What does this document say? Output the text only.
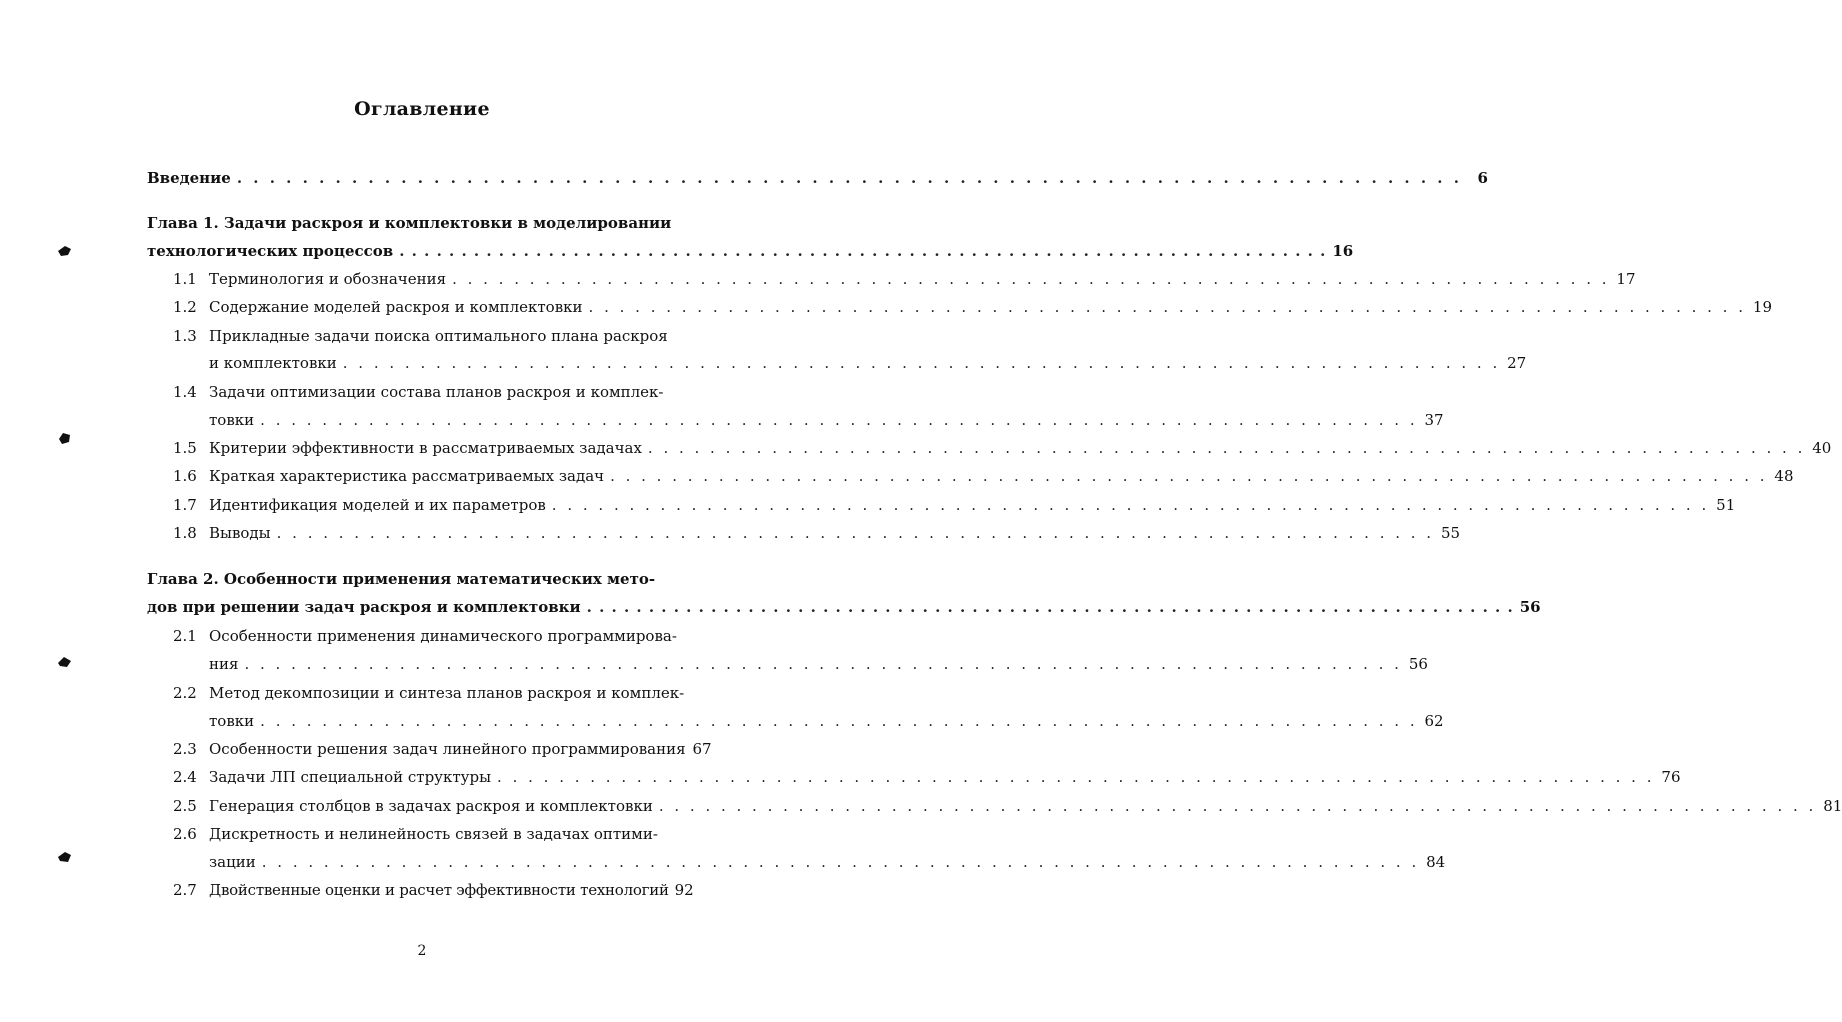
Оглавление
Введение . . . . . . . . . . . . . . . . . . . . . . . . . . . . . . . . . . . . . . . . . . . . . . . . . . . . . . . . . . . . . . . . . . . . . . . . . . .	6
Глава 1. Задачи раскроя и комплектовки в моделировании
технологических процессов . . . . . . . . . . . . . . . . . . . . . . . . . . . . . . . . . . . . . . . . . . . . . . . . . . . . . . . . . . . . . . . . . . . . . . . . . . . 16
1.1 Терминология и обозначения . . . . . . . . . . . . . . . . . . . . . . . . . . . . . . . . . . . . . . . . . . . . . . . . . . . . . . . . . . . . . . . . . . . . . . . . . . . 17
1.2 Содержание моделей раскроя и комплектовки . . . . . . . . . . . . . . . . . . . . . . . . . . . . . . . . . . . . . . . . . . . . . . . . . . . . . . . . . . . . . . . . . . . . . . . . . . . 19
1.3 Прикладные задачи поиска оптимального плана раскроя
и комплектовки . . . . . . . . . . . . . . . . . . . . . . . . . . . . . . . . . . . . . . . . . . . . . . . . . . . . . . . . . . . . . . . . . . . . . . . . . . . 27
1.4 Задачи оптимизации состава планов раскроя и комплек-
товки . . . . . . . . . . . . . . . . . . . . . . . . . . . . . . . . . . . . . . . . . . . . . . . . . . . . . . . . . . . . . . . . . . . . . . . . . . . 37
1.5 Критерии эффективности в рассматриваемых задачах . . . . . . . . . . . . . . . . . . . . . . . . . . . . . . . . . . . . . . . . . . . . . . . . . . . . . . . . . . . . . . . . . . . . . . . . . . . 40
1.6 Краткая характеристика рассматриваемых задач . . . . . . . . . . . . . . . . . . . . . . . . . . . . . . . . . . . . . . . . . . . . . . . . . . . . . . . . . . . . . . . . . . . . . . . . . . . 48
1.7 Идентификация моделей и их параметров . . . . . . . . . . . . . . . . . . . . . . . . . . . . . . . . . . . . . . . . . . . . . . . . . . . . . . . . . . . . . . . . . . . . . . . . . . . 51
1.8 Выводы . . . . . . . . . . . . . . . . . . . . . . . . . . . . . . . . . . . . . . . . . . . . . . . . . . . . . . . . . . . . . . . . . . . . . . . . . . . 55
Глава 2. Особенности применения математических мето-
дов при решении задач раскроя и комплектовки . . . . . . . . . . . . . . . . . . . . . . . . . . . . . . . . . . . . . . . . . . . . . . . . . . . . . . . . . . . . . . . . . . . . . . . . . . . 56
2.1 Особенности применения динамического программирова-
ния . . . . . . . . . . . . . . . . . . . . . . . . . . . . . . . . . . . . . . . . . . . . . . . . . . . . . . . . . . . . . . . . . . . . . . . . . . . 56
2.2 Метод декомпозиции и синтеза планов раскроя и комплек-
товки . . . . . . . . . . . . . . . . . . . . . . . . . . . . . . . . . . . . . . . . . . . . . . . . . . . . . . . . . . . . . . . . . . . . . . . . . . . 62
2.3 Особенности решения задач линейного программирования 67
2.4 Задачи ЛП специальной структуры . . . . . . . . . . . . . . . . . . . . . . . . . . . . . . . . . . . . . . . . . . . . . . . . . . . . . . . . . . . . . . . . . . . . . . . . . . . 76
2.5 Генерация столбцов в задачах раскроя и комплектовки . . . . . . . . . . . . . . . . . . . . . . . . . . . . . . . . . . . . . . . . . . . . . . . . . . . . . . . . . . . . . . . . . . . . . . . . . . . 81
2.6 Дискретность и нелинейность связей в задачах оптими-
зации . . . . . . . . . . . . . . . . . . . . . . . . . . . . . . . . . . . . . . . . . . . . . . . . . . . . . . . . . . . . . . . . . . . . . . . . . . . 84
2.7 Двойственные оценки и расчет эффективности технологий 92
2
